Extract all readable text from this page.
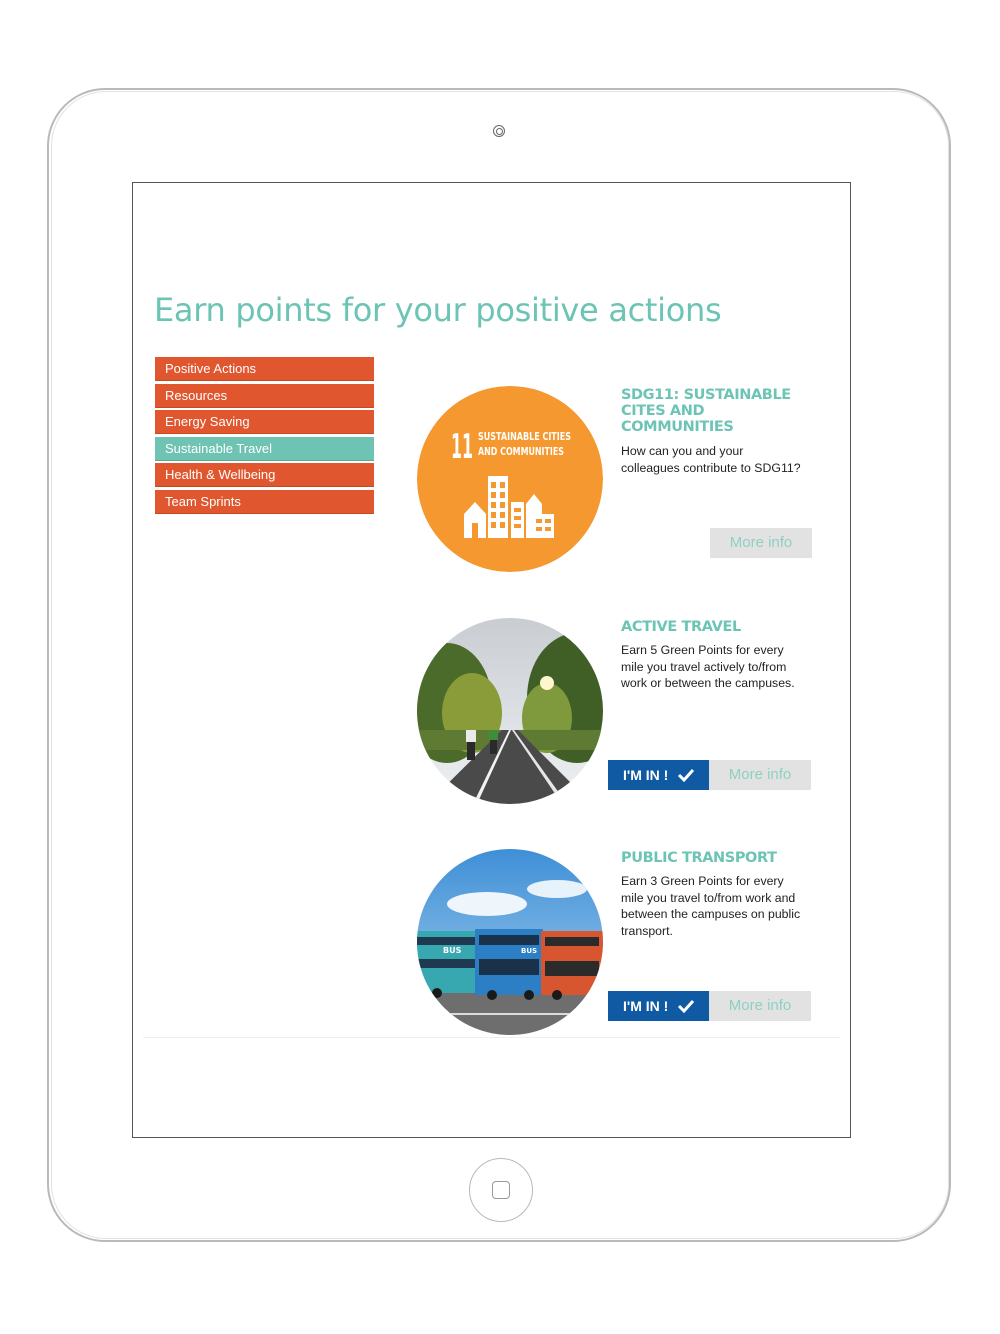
Earn points for your positive actions
Positive Actions
Resources
Energy Saving
Sustainable Travel
Health & Wellbeing
Team Sprints
11 SUSTAINABLE CITIES
AND COMMUNITIES
SDG11: SUSTAINABLE CITES AND COMMUNITIES

How can you and your colleagues contribute to SDG11?

More info
ACTIVE TRAVEL

Earn 5 Green Points for every mile you travel actively to/from work or between the campuses.

I'M IN !	More info
BUS	BUS
PUBLIC TRANSPORT

Earn 3 Green Points for every mile you travel to/from work and between the campuses on public transport.

I'M IN !	More info
